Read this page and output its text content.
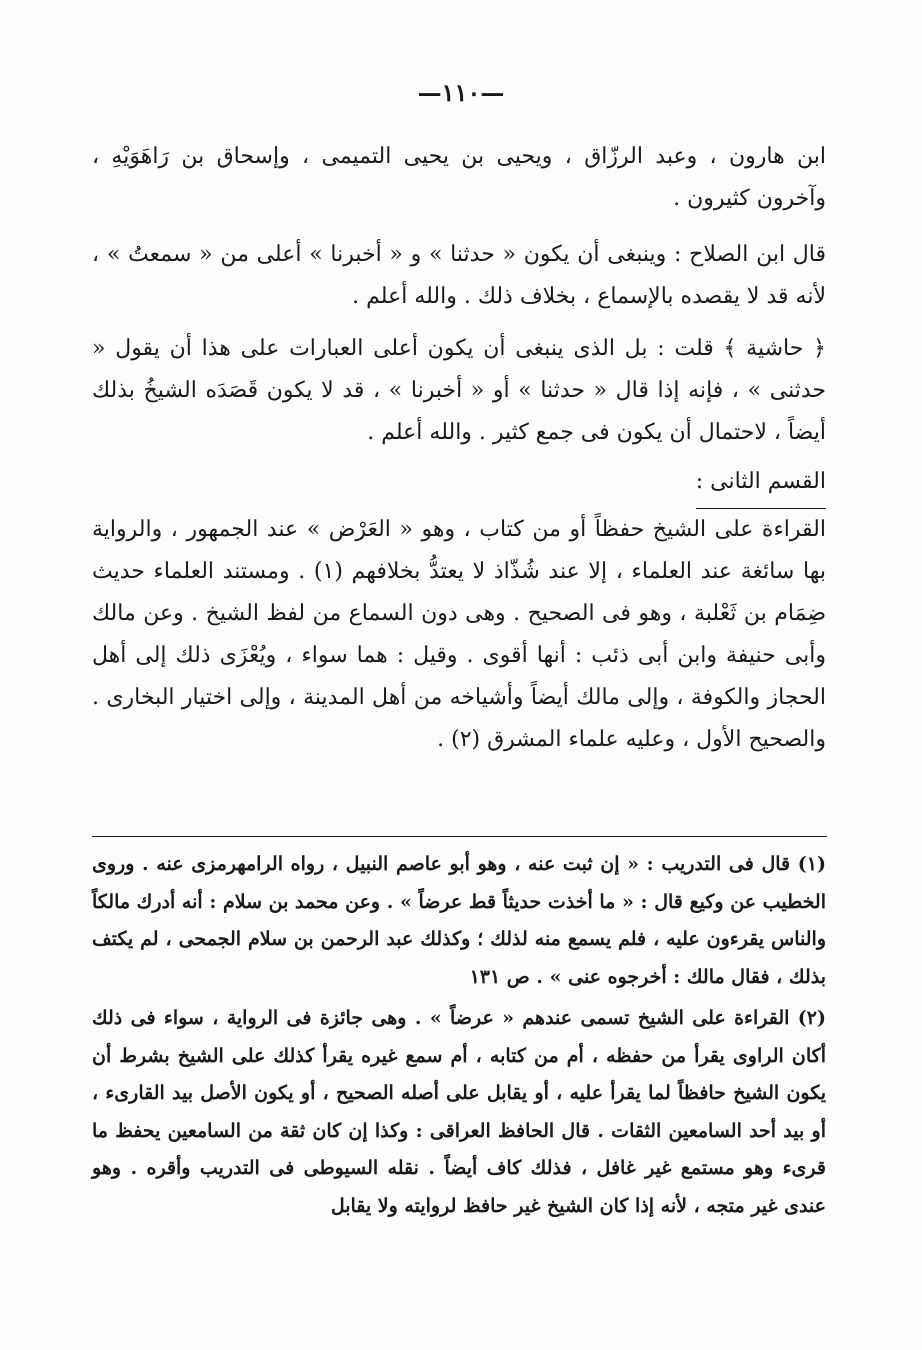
—١١٠—

ابن هارون ، وعبد الرزّاق ، ويحيى بن يحيى التميمى ، وإسحاق بن رَاهَوَيْهِ ، وآخرون كثيرون .

قال ابن الصلاح : وينبغى أن يكون « حدثنا » و « أخبرنا » أعلى من « سمعتُ » ، لأنه قد لا يقصده بالإسماع ، بخلاف ذلك . والله أعلم .

﴿ حاشية ﴾ قلت : بل الذى ينبغى أن يكون أعلى العبارات على هذا أن يقول « حدثنى » ، فإنه إذا قال « حدثنا » أو « أخبرنا » ، قد لا يكون قَصَدَه الشيخُ بذلك أيضاً ، لاحتمال أن يكون فى جمع كثير . والله أعلم .

القسم الثانى :

القراءة على الشيخ حفظاً أو من كتاب ، وهو « العَرْض » عند الجمهور ، والرواية بها سائغة عند العلماء ، إلا عند شُذّاذ لا يعتدُّ بخلافهم (١) . ومستند العلماء حديث ضِمَام بن ثَعْلبة ، وهو فى الصحيح . وهى دون السماع من لفظ الشيخ . وعن مالك وأبى حنيفة وابن أبى ذئب : أنها أقوى . وقيل : هما سواء ، ويُعْزَى ذلك إلى أهل الحجاز والكوفة ، وإلى مالك أيضاً وأشياخه من أهل المدينة ، وإلى اختيار البخارى . والصحيح الأول ، وعليه علماء المشرق (٢) .

(١) قال فى التدريب : « إن ثبت عنه ، وهو أبو عاصم النبيل ، رواه الرامهرمزى عنه . وروى الخطيب عن وكيع قال : « ما أخذت حديثاً قط عرضاً » . وعن محمد بن سلام : أنه أدرك مالكاً والناس يقرءون عليه ، فلم يسمع منه لذلك ؛ وكذلك عبد الرحمن بن سلام الجمحى ، لم يكتف بذلك ، فقال مالك : أخرجوه عنى » . ص ١٣١

(٢) القراءة على الشيخ تسمى عندهم « عرضاً » . وهى جائزة فى الرواية ، سواء فى ذلك أكان الراوى يقرأ من حفظه ، أم من كتابه ، أم سمع غيره يقرأ كذلك على الشيخ بشرط أن يكون الشيخ حافظاً لما يقرأ عليه ، أو يقابل على أصله الصحيح ، أو يكون الأصل بيد القارىء ، أو بيد أحد السامعين الثقات . قال الحافظ العراقى : وكذا إن كان ثقة من السامعين يحفظ ما قرىء وهو مستمع غير غافل ، فذلك كاف أيضاً . نقله السيوطى فى التدريب وأقره . وهو عندى غير متجه ، لأنه إذا كان الشيخ غير حافظ لروايته ولا يقابل
